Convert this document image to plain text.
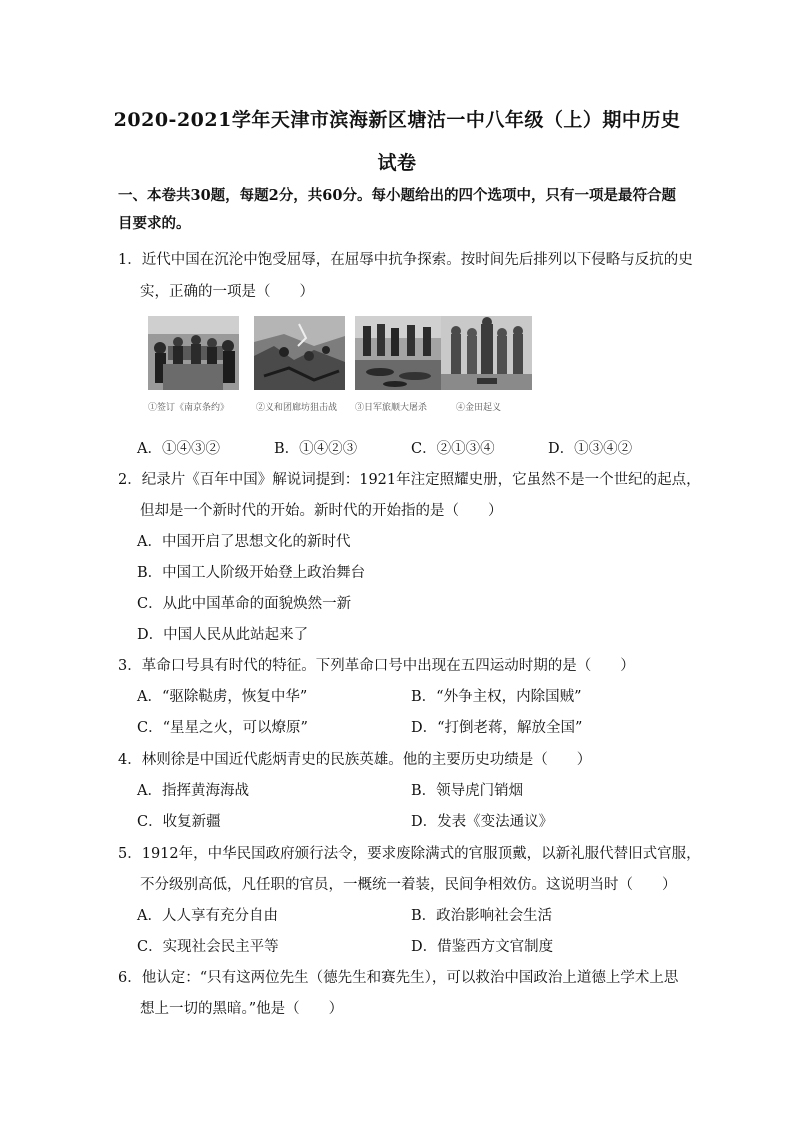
2020-2021学年天津市滨海新区塘沽一中八年级（上）期中历史
试卷
一、本卷共30题，每题2分，共60分。每小题给出的四个选项中，只有一项是最符合题
目要求的。
1．近代中国在沉沦中饱受屈辱，在屈辱中抗争探索。按时间先后排列以下侵略与反抗的史
实，正确的一项是（　　）
①签订《南京条约》	②义和团廊坊狙击战 ③日军旅顺大屠杀	④金田起义
A．①④③②	B．①④②③	C．②①③④	D．①③④②
2．纪录片《百年中国》解说词提到：1921年注定照耀史册，它虽然不是一个世纪的起点，
但却是一个新时代的开始。新时代的开始指的是（　　）
A．中国开启了思想文化的新时代
B．中国工人阶级开始登上政治舞台
C．从此中国革命的面貌焕然一新
D．中国人民从此站起来了
3．革命口号具有时代的特征。下列革命口号中出现在五四运动时期的是（　　）
A．“驱除鞑虏，恢复中华”	B．“外争主权，内除国贼”
C．“星星之火，可以燎原”	D．“打倒老蒋，解放全国”
4．林则徐是中国近代彪炳青史的民族英雄。他的主要历史功绩是（　　）
A．指挥黄海海战	B．领导虎门销烟
C．收复新疆	D．发表《变法通议》
5．1912年，中华民国政府颁行法令，要求废除满式的官服顶戴，以新礼服代替旧式官服，
不分级别高低，凡任职的官员，一概统一着装，民间争相效仿。这说明当时（　　）
A．人人享有充分自由	B．政治影响社会生活
C．实现社会民主平等	D．借鉴西方文官制度
6．他认定：“只有这两位先生（德先生和赛先生），可以救治中国政治上道德上学术上思
想上一切的黑暗。”他是（　　）
